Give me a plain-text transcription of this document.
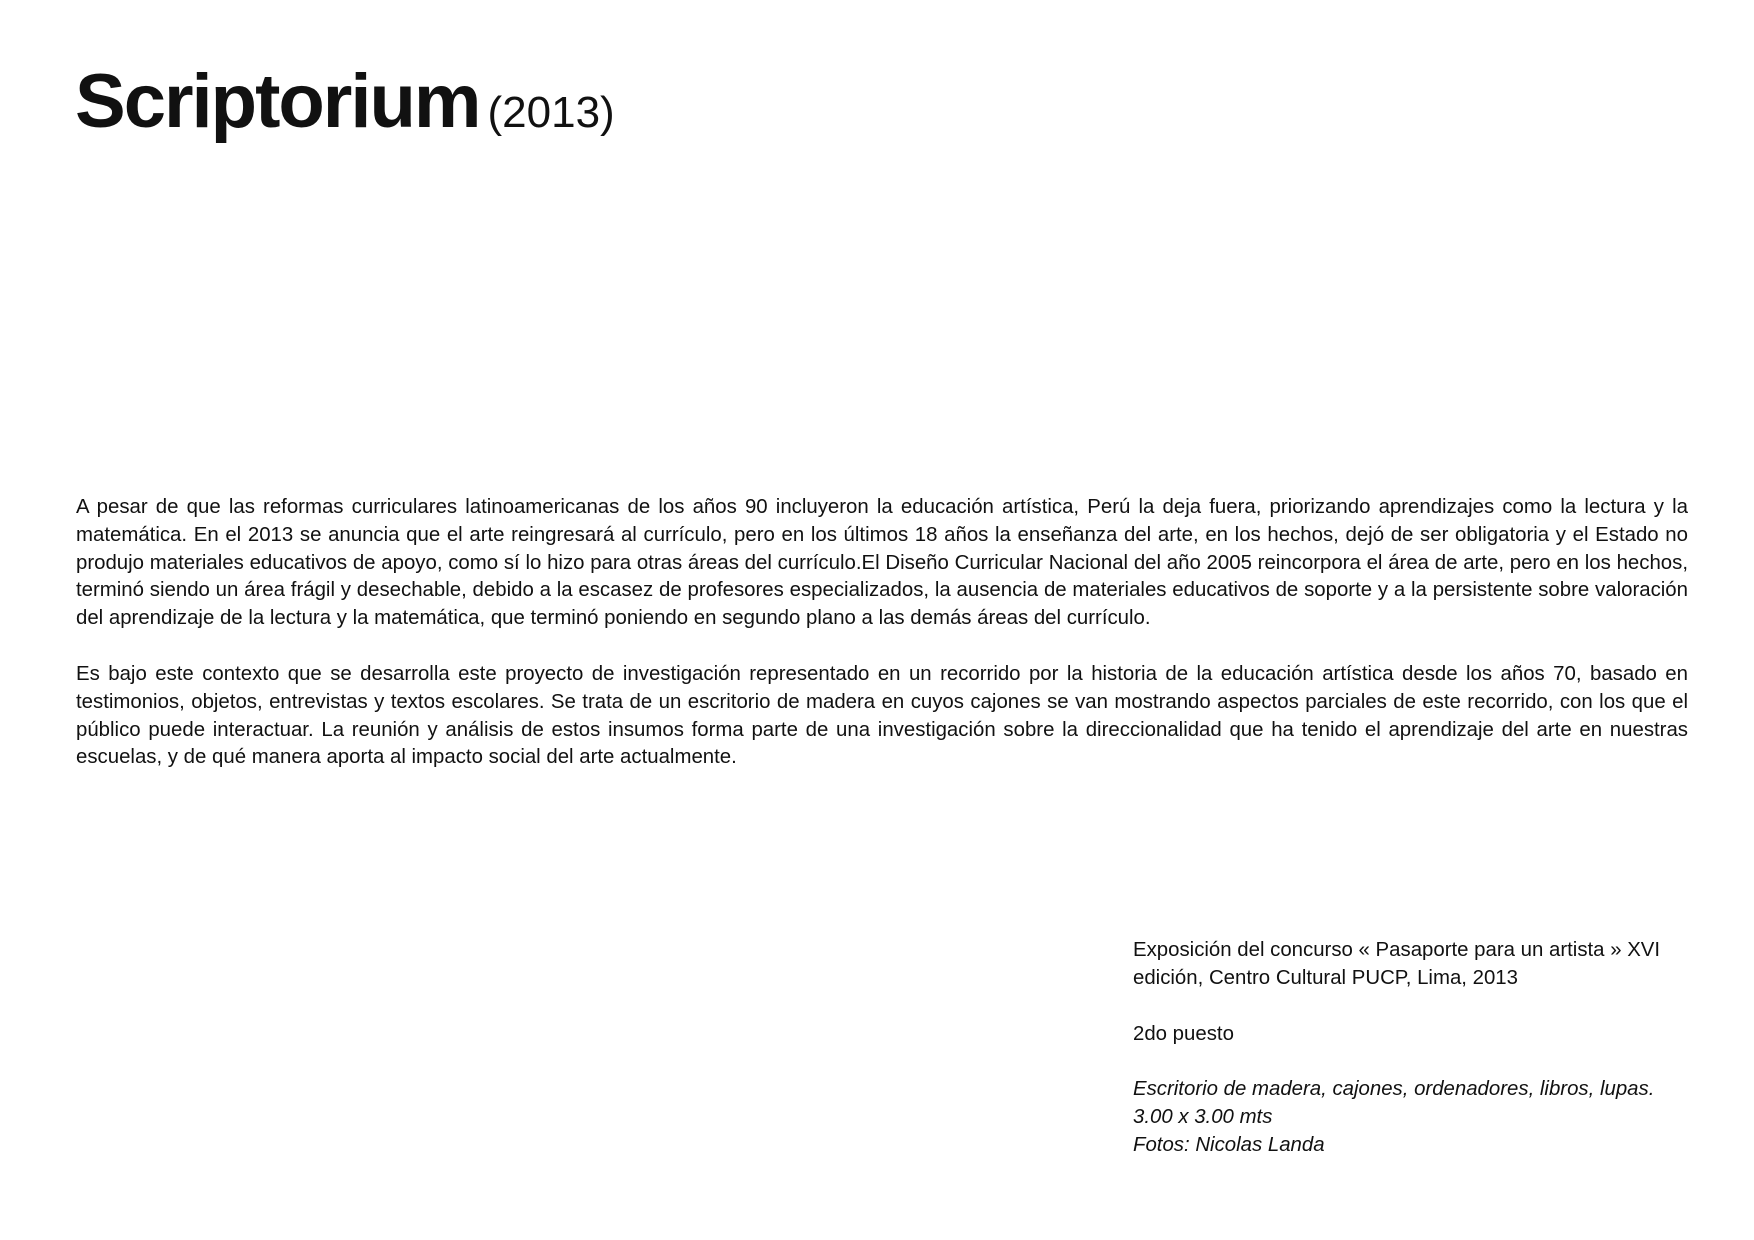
Scriptorium (2013)

A pesar de que las reformas curriculares latinoamericanas de los años 90 incluyeron la educación artística, Perú la deja fuera, priorizando aprendizajes como la lectura y la matemática. En el 2013 se anuncia que el arte reingresará al currículo, pero en los últimos 18 años la enseñanza del arte, en los hechos, dejó de ser obligatoria y el Estado no produjo materiales educativos de apoyo, como sí lo hizo para otras áreas del currículo.El Diseño Curricular Nacional del año 2005 reincorpora el área de arte, pero en los hechos, terminó siendo un área frágil y desechable, debido a la escasez de profesores especializados, la ausencia de materiales educativos de soporte y a la persistente sobre valoración del aprendizaje de la lectura y la matemática, que terminó poniendo en segundo plano a las demás áreas del currículo.

Es bajo este contexto que se desarrolla este proyecto de investigación representado en un recorrido por la historia de la educación artística desde los años 70, basado en testimonios, objetos, entrevistas y textos escolares. Se trata de un escritorio de madera en cuyos cajones se van mostrando aspectos parciales de este recorrido, con los que el público puede interactuar. La reunión y análisis de estos insumos forma parte de una investigación sobre la direccionalidad que ha tenido el aprendizaje del arte en nuestras escuelas, y de qué manera aporta al impacto social del arte actualmente.

Exposición del concurso « Pasaporte para un artista » XVI edición, Centro Cultural PUCP, Lima, 2013

2do puesto

Escritorio de madera, cajones, ordenadores, libros, lupas.
3.00 x 3.00 mts
Fotos: Nicolas Landa
